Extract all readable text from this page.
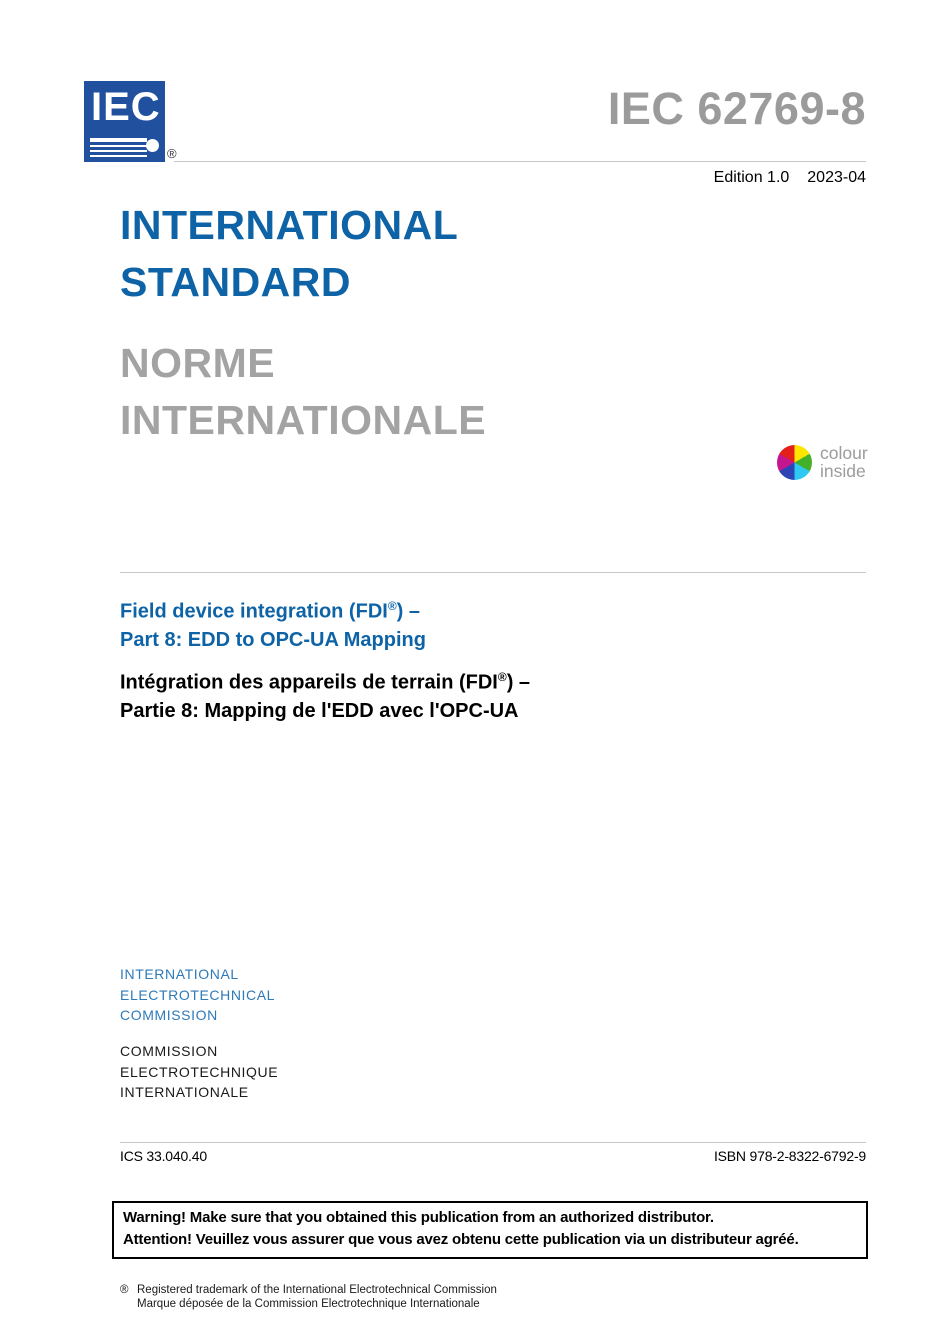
IEC
®
IEC 62769-8
Edition 1.0 2023-04
INTERNATIONAL
STANDARD
NORME
INTERNATIONALE
colour
inside
Field device integration (FDI®) –
Part 8: EDD to OPC-UA Mapping
Intégration des appareils de terrain (FDI®) –
Partie 8: Mapping de l'EDD avec l'OPC-UA
INTERNATIONAL
ELECTROTECHNICAL
COMMISSION
COMMISSION
ELECTROTECHNIQUE
INTERNATIONALE
ICS 33.040.40	ISBN 978-2-8322-6792-9
Warning! Make sure that you obtained this publication from an authorized distributor.
Attention! Veuillez vous assurer que vous avez obtenu cette publication via un distributeur agréé.
® Registered trademark of the International Electrotechnical Commission
Marque déposée de la Commission Electrotechnique Internationale
